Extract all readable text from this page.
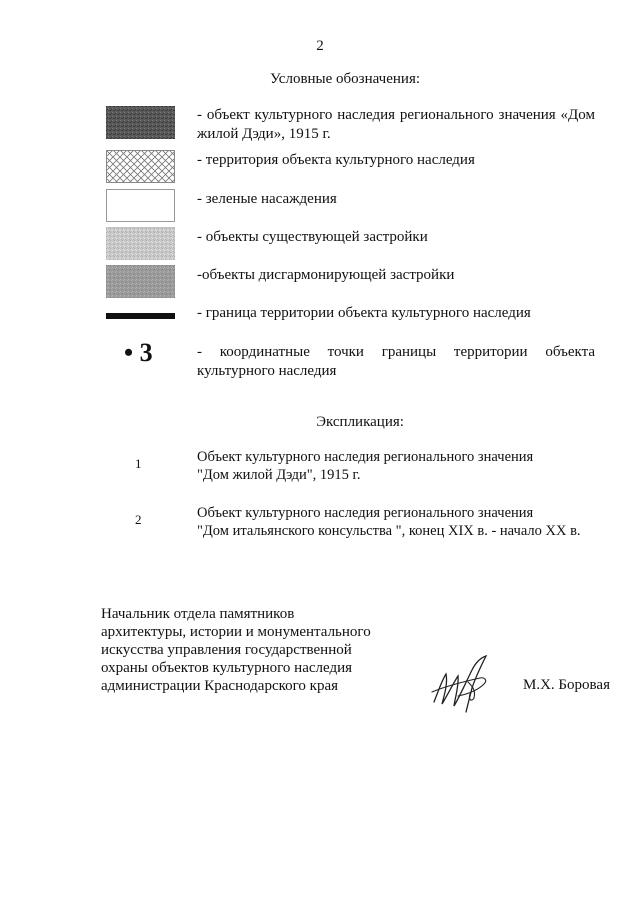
2
Условные обозначения:
- объект культурного наследия регионального значения «Дом жилой Дэди», 1915 г.
- территория объекта культурного наследия
- зеленые насаждения
- объекты существующей застройки
-объекты дисгармонирующей застройки
- граница территории объекта культурного наследия
• 3	- координатные точки границы территории объекта культурного наследия
Экспликация:
1	Объект культурного наследия регионального значения
"Дом жилой Дэди", 1915 г.
2	Объект культурного наследия регионального значения
"Дом итальянского консульства ", конец XIX в. - начало XX в.
Начальник отдела памятников
архитектуры, истории и монументального
искусства управления государственной
охраны объектов культурного наследия
администрации Краснодарского края	М.Х. Боровая
